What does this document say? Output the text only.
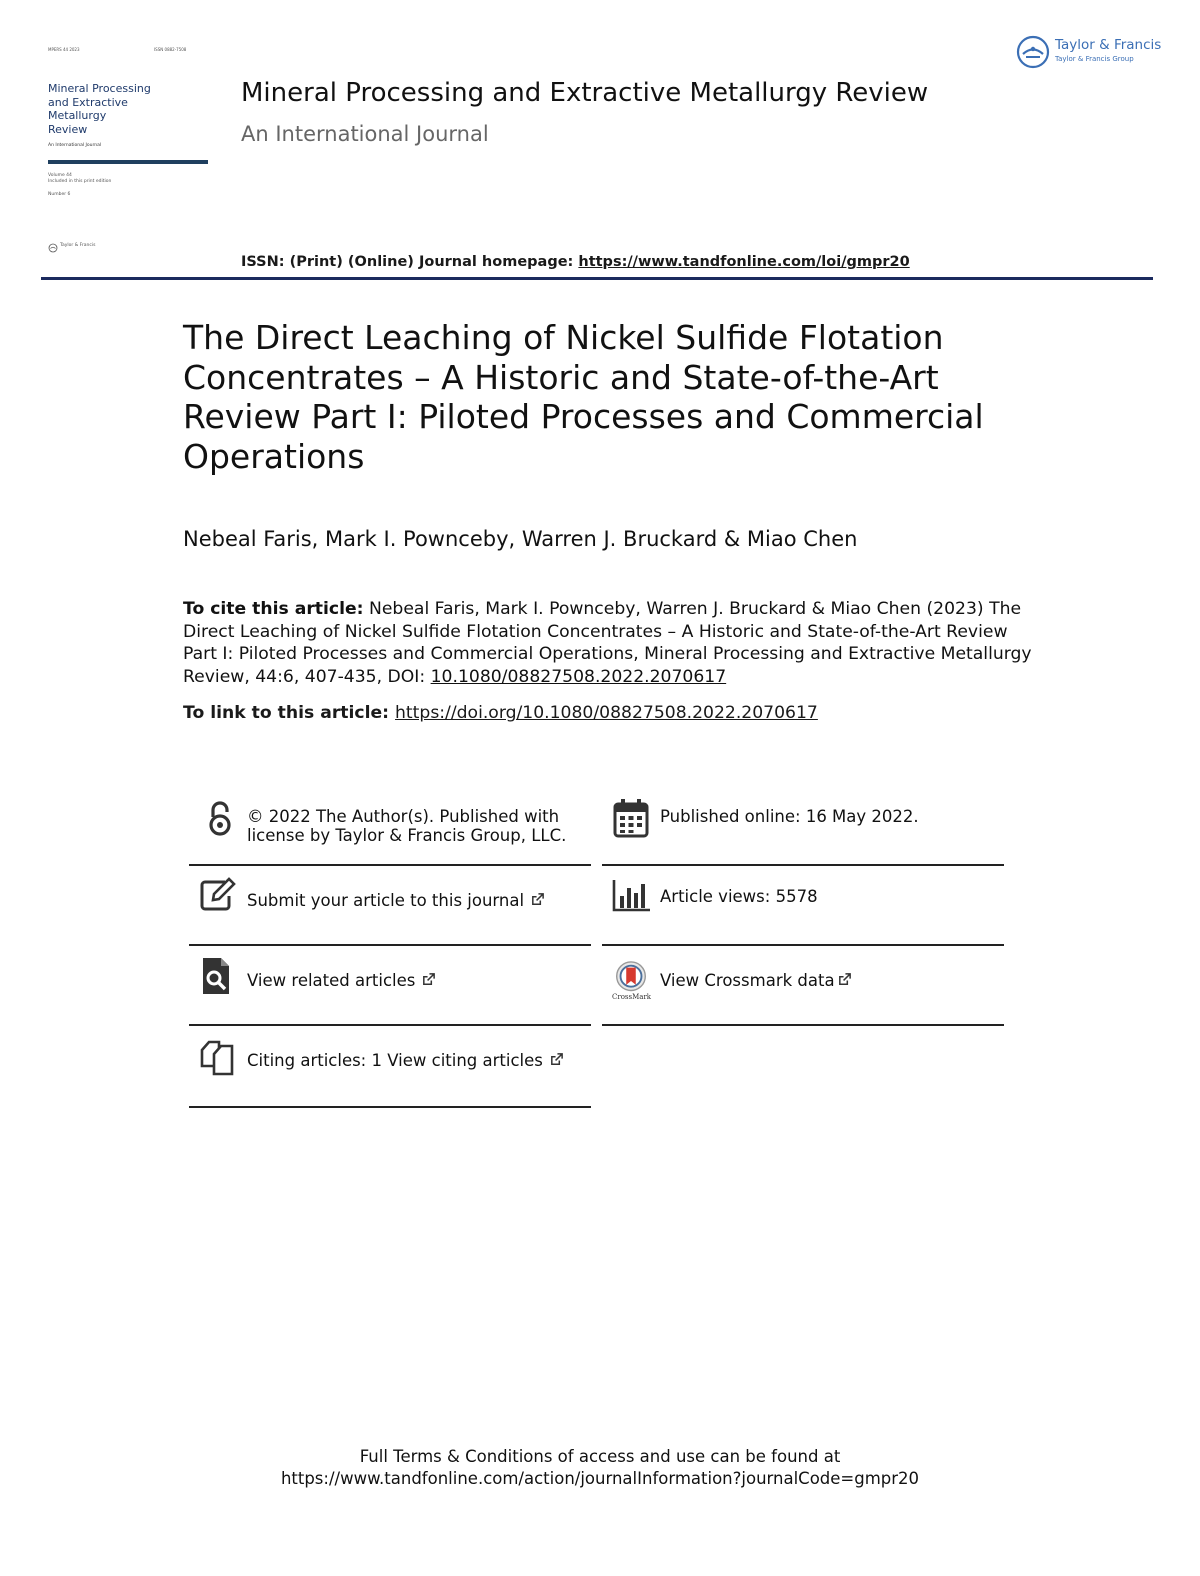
MPERS 44 2023	ISSN 0882-7508
Mineral Processing
and Extractive
Metallurgy
Review
An International Journal
Volume 44
Included in this print edition
Number 6
Taylor & Francis
Mineral Processing and Extractive Metallurgy Review
An International Journal
Taylor & Francis
Taylor & Francis Group
ISSN: (Print) (Online) Journal homepage: https://www.tandfonline.com/loi/gmpr20
The Direct Leaching of Nickel Sulfide Flotation Concentrates – A Historic and State-of-the-Art Review Part I: Piloted Processes and Commercial Operations
Nebeal Faris, Mark I. Pownceby, Warren J. Bruckard & Miao Chen
To cite this article: Nebeal Faris, Mark I. Pownceby, Warren J. Bruckard & Miao Chen (2023) The Direct Leaching of Nickel Sulfide Flotation Concentrates – A Historic and State-of-the-Art Review Part I: Piloted Processes and Commercial Operations, Mineral Processing and Extractive Metallurgy Review, 44:6, 407-435, DOI: 10.1080/08827508.2022.2070617
To link to this article: https://doi.org/10.1080/08827508.2022.2070617
© 2022 The Author(s). Published with
license by Taylor & Francis Group, LLC.
Submit your article to this journal
View related articles
Citing articles: 1 View citing articles
Published online: 16 May 2022.
Article views: 5578
CrossMark
View Crossmark data
Full Terms & Conditions of access and use can be found at
https://www.tandfonline.com/action/journalInformation?journalCode=gmpr20
